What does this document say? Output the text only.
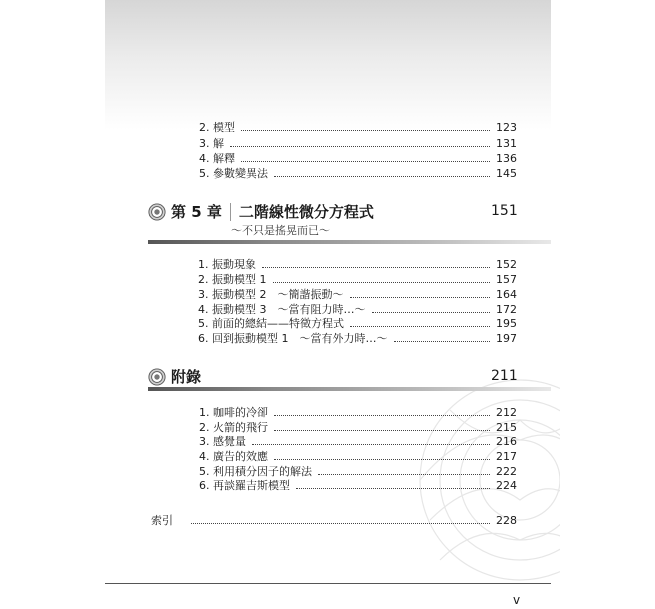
2. 模型	123
3. 解	131
4. 解釋	136
5. 參數變異法	145
第 5 章 二階線性微分方程式	151
〜不只是搖晃而已〜
1. 振動現象	152
2. 振動模型 1	157
3. 振動模型 2　〜簡諧振動〜	164
4. 振動模型 3　〜當有阻力時…〜	172
5. 前面的總結——特徵方程式	195
6. 回到振動模型 1　〜當有外力時…〜	197
附錄	211
1. 咖啡的冷卻	212
2. 火箭的飛行	215
3. 感覺量	216
4. 廣告的效應	217
5. 利用積分因子的解法	222
6. 再談羅吉斯模型	224
索引	228
v
